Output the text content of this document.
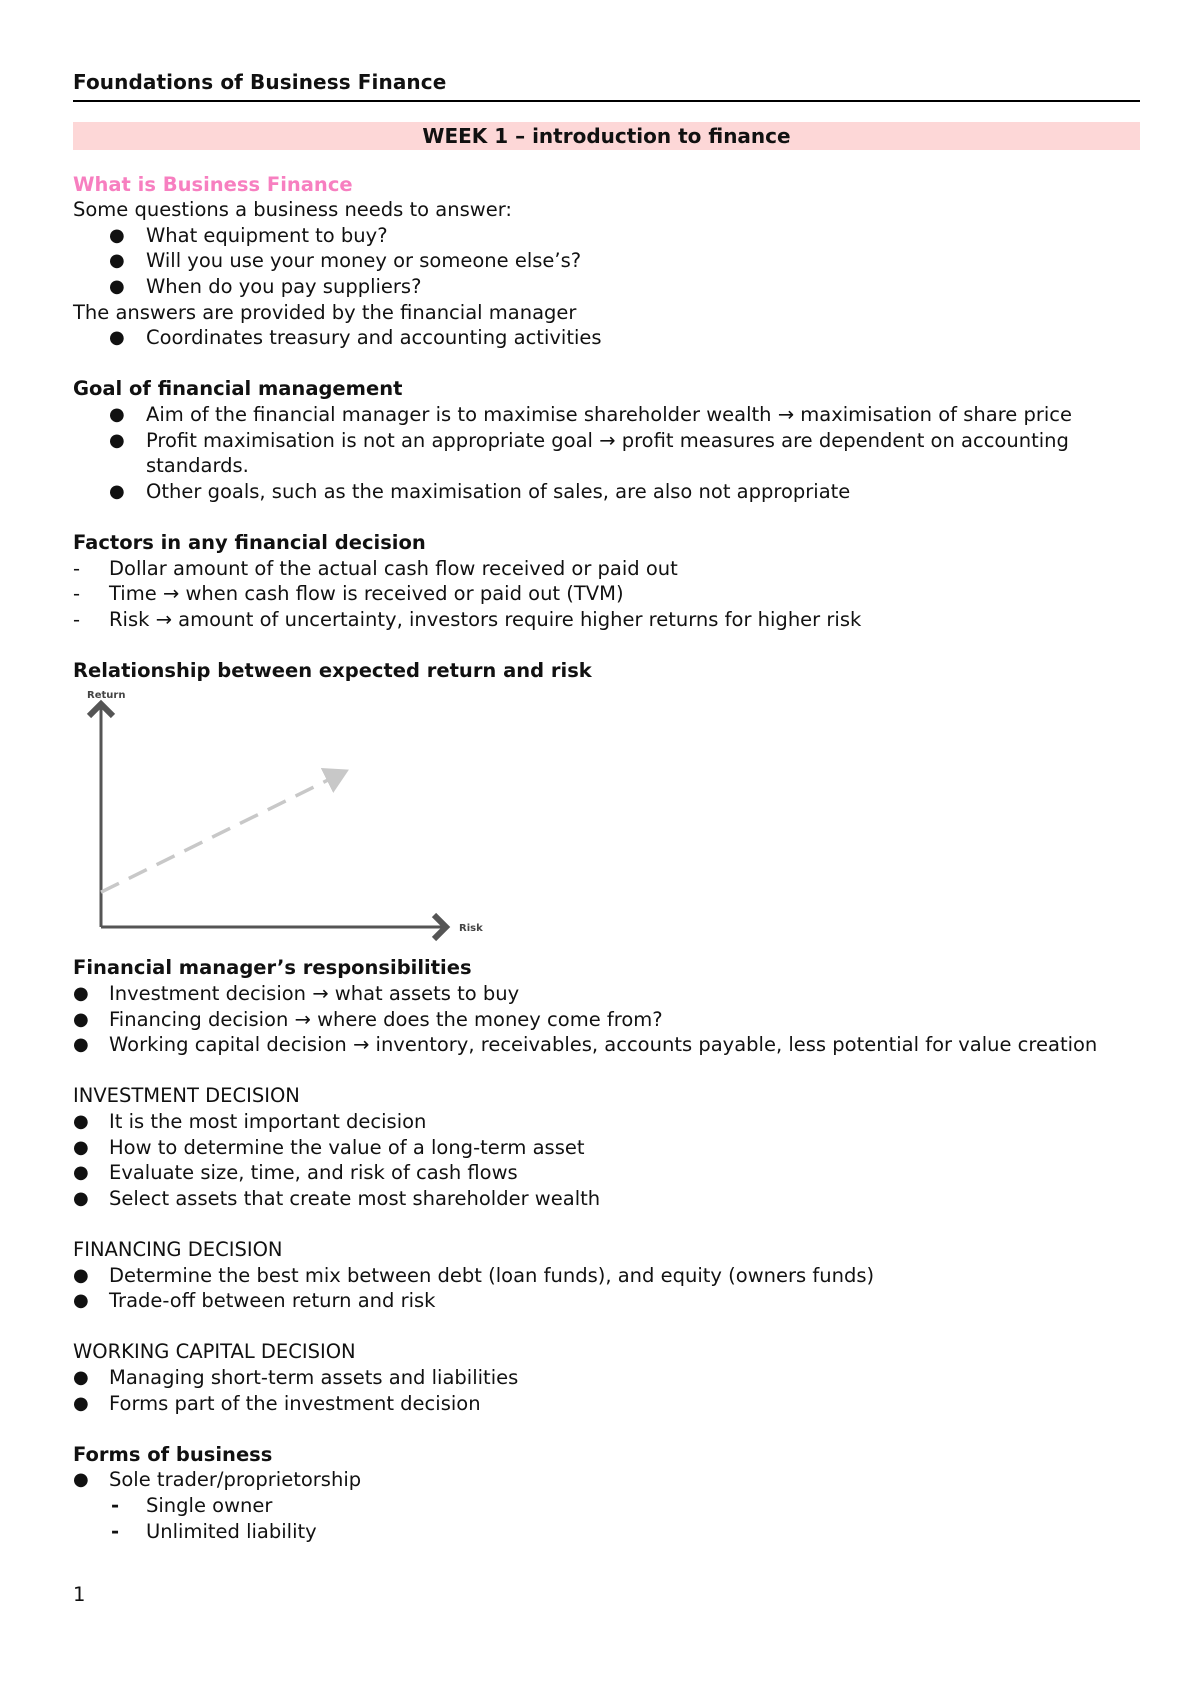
Foundations of Business Finance
WEEK 1 – introduction to finance
What is Business Finance
Some questions a business needs to answer:
● What equipment to buy?
● Will you use your money or someone else’s?
● When do you pay suppliers?
The answers are provided by the financial manager
● Coordinates treasury and accounting activities
Goal of financial management
● Aim of the financial manager is to maximise shareholder wealth → maximisation of share price
● Profit maximisation is not an appropriate goal → profit measures are dependent on accounting standards.
● Other goals, such as the maximisation of sales, are also not appropriate
Factors in any financial decision
- Dollar amount of the actual cash flow received or paid out
- Time → when cash flow is received or paid out (TVM)
- Risk → amount of uncertainty, investors require higher returns for higher risk
Relationship between expected return and risk
Return
Risk
Financial manager’s responsibilities
● Investment decision → what assets to buy
● Financing decision → where does the money come from?
● Working capital decision → inventory, receivables, accounts payable, less potential for value creation
INVESTMENT DECISION
● It is the most important decision
● How to determine the value of a long-term asset
● Evaluate size, time, and risk of cash flows
● Select assets that create most shareholder wealth
FINANCING DECISION
● Determine the best mix between debt (loan funds), and equity (owners funds)
● Trade-off between return and risk
WORKING CAPITAL DECISION
● Managing short-term assets and liabilities
● Forms part of the investment decision
Forms of business
● Sole trader/proprietorship
- Single owner
- Unlimited liability
1
